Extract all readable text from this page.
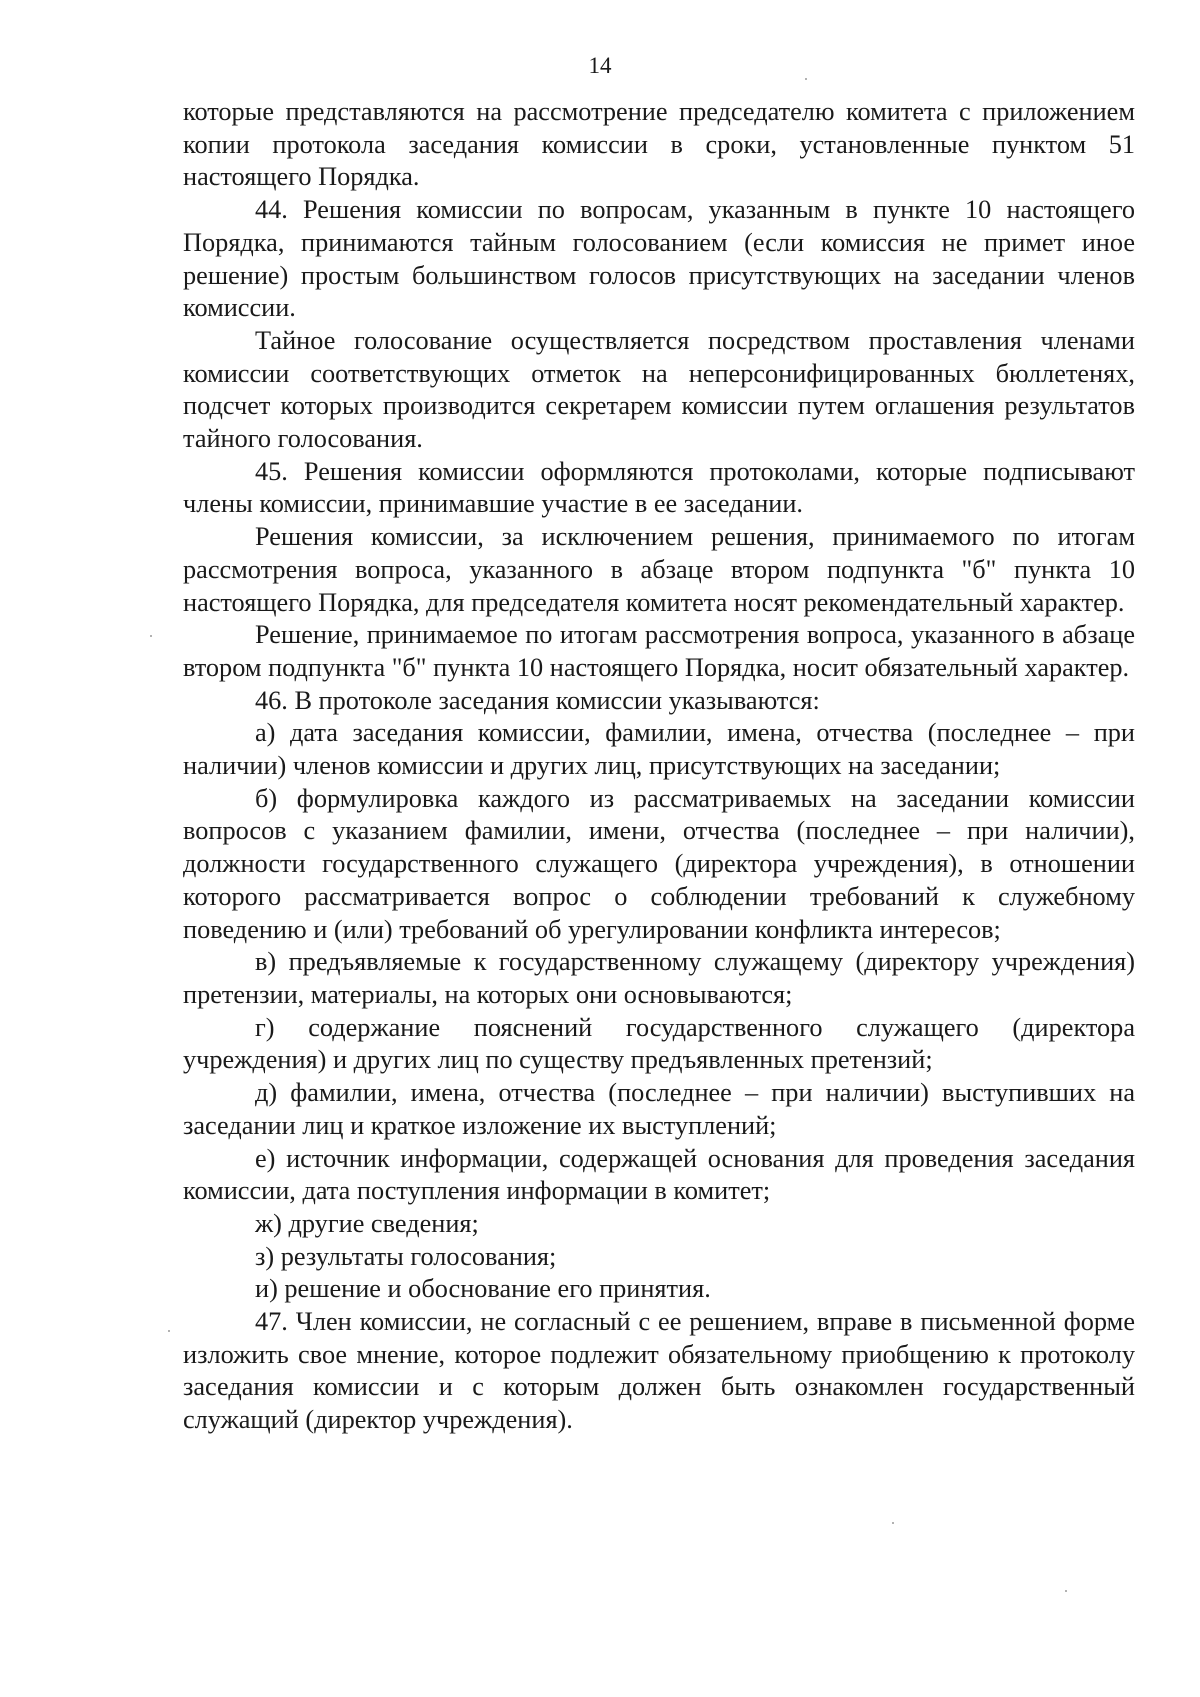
14

которые представляются на рассмотрение председателю комитета с приложением копии протокола заседания комиссии в сроки, установленные пунктом 51 настоящего Порядка.

44. Решения комиссии по вопросам, указанным в пункте 10 настоящего Порядка, принимаются тайным голосованием (если комиссия не примет иное решение) простым большинством голосов присутствующих на заседании членов комиссии.

Тайное голосование осуществляется посредством проставления членами комиссии соответствующих отметок на неперсонифицированных бюллетенях, подсчет которых производится секретарем комиссии путем оглашения результатов тайного голосования.

45. Решения комиссии оформляются протоколами, которые подписывают члены комиссии, принимавшие участие в ее заседании.

Решения комиссии, за исключением решения, принимаемого по итогам рассмотрения вопроса, указанного в абзаце втором подпункта "б" пункта 10 настоящего Порядка, для председателя комитета носят рекомендательный характер.

Решение, принимаемое по итогам рассмотрения вопроса, указанного в абзаце втором подпункта "б" пункта 10 настоящего Порядка, носит обязательный характер.

46. В протоколе заседания комиссии указываются:

а) дата заседания комиссии, фамилии, имена, отчества (последнее – при наличии) членов комиссии и других лиц, присутствующих на заседании;

б) формулировка каждого из рассматриваемых на заседании комиссии вопросов с указанием фамилии, имени, отчества (последнее – при наличии), должности государственного служащего (директора учреждения), в отношении которого рассматривается вопрос о соблюдении требований к служебному поведению и (или) требований об урегулировании конфликта интересов;

в) предъявляемые к государственному служащему (директору учреждения) претензии, материалы, на которых они основываются;

г) содержание пояснений государственного служащего (директора учреждения) и других лиц по существу предъявленных претензий;

д) фамилии, имена, отчества (последнее – при наличии) выступивших на заседании лиц и краткое изложение их выступлений;

е) источник информации, содержащей основания для проведения заседания комиссии, дата поступления информации в комитет;

ж) другие сведения;

з) результаты голосования;

и) решение и обоснование его принятия.

47. Член комиссии, не согласный с ее решением, вправе в письменной форме изложить свое мнение, которое подлежит обязательному приобщению к протоколу заседания комиссии и с которым должен быть ознакомлен государственный служащий (директор учреждения).
